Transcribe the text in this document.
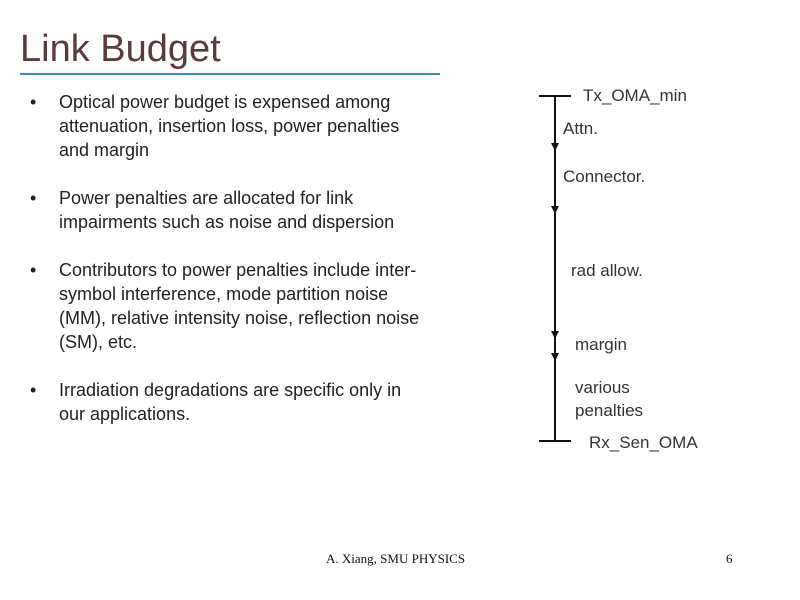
Link Budget
• Optical power budget is expensed among attenuation, insertion loss, power penalties and margin
• Power penalties are allocated for link impairments such as noise and dispersion
• Contributors to power penalties include inter-symbol interference, mode partition noise (MM), relative intensity noise, reflection noise (SM), etc.
• Irradiation degradations are specific only in our applications.
Tx_OMA_min
Attn.
Connector.
rad allow.
margin
various
penalties
Rx_Sen_OMA
A. Xiang, SMU PHYSICS	6
